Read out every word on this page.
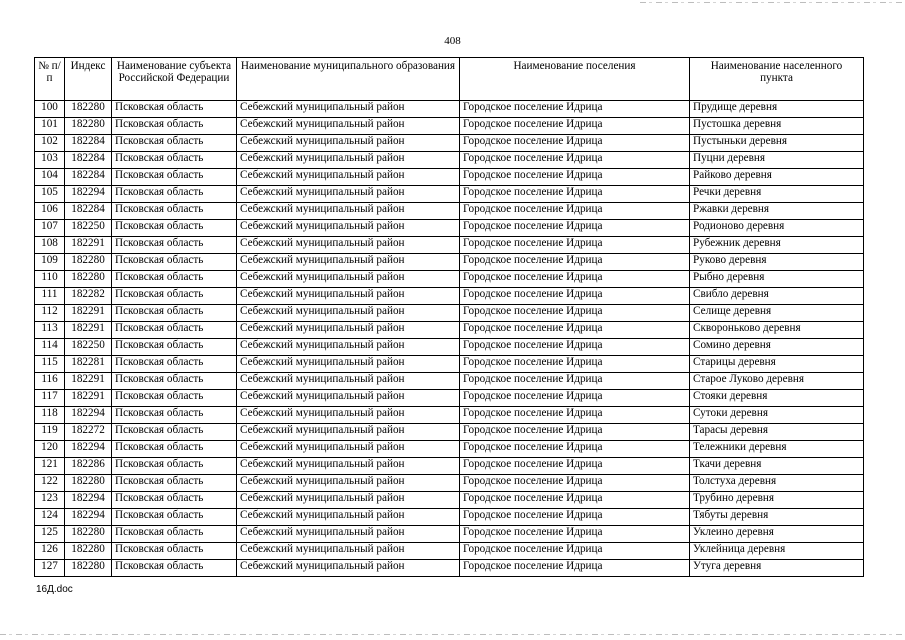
408
№ п/п	Индекс	Наименование субъекта Российской Федерации	Наименование муниципального образования	Наименование поселения	Наименование населенного пункта
100	182280	Псковская область	Себежский муниципальный район	Городское поселение Идрица	Прудище деревня
101	182280	Псковская область	Себежский муниципальный район	Городское поселение Идрица	Пустошка деревня
102	182284	Псковская область	Себежский муниципальный район	Городское поселение Идрица	Пустыньки деревня
103	182284	Псковская область	Себежский муниципальный район	Городское поселение Идрица	Пуцни деревня
104	182284	Псковская область	Себежский муниципальный район	Городское поселение Идрица	Райково деревня
105	182294	Псковская область	Себежский муниципальный район	Городское поселение Идрица	Речки деревня
106	182284	Псковская область	Себежский муниципальный район	Городское поселение Идрица	Ржавки деревня
107	182250	Псковская область	Себежский муниципальный район	Городское поселение Идрица	Родионово деревня
108	182291	Псковская область	Себежский муниципальный район	Городское поселение Идрица	Рубежник деревня
109	182280	Псковская область	Себежский муниципальный район	Городское поселение Идрица	Руково деревня
110	182280	Псковская область	Себежский муниципальный район	Городское поселение Идрица	Рыбно деревня
111	182282	Псковская область	Себежский муниципальный район	Городское поселение Идрица	Свибло деревня
112	182291	Псковская область	Себежский муниципальный район	Городское поселение Идрица	Селище деревня
113	182291	Псковская область	Себежский муниципальный район	Городское поселение Идрица	Сквороньково деревня
114	182250	Псковская область	Себежский муниципальный район	Городское поселение Идрица	Сомино деревня
115	182281	Псковская область	Себежский муниципальный район	Городское поселение Идрица	Старицы деревня
116	182291	Псковская область	Себежский муниципальный район	Городское поселение Идрица	Старое Луково деревня
117	182291	Псковская область	Себежский муниципальный район	Городское поселение Идрица	Стояки деревня
118	182294	Псковская область	Себежский муниципальный район	Городское поселение Идрица	Сутоки деревня
119	182272	Псковская область	Себежский муниципальный район	Городское поселение Идрица	Тарасы деревня
120	182294	Псковская область	Себежский муниципальный район	Городское поселение Идрица	Тележники деревня
121	182286	Псковская область	Себежский муниципальный район	Городское поселение Идрица	Ткачи деревня
122	182280	Псковская область	Себежский муниципальный район	Городское поселение Идрица	Толстуха деревня
123	182294	Псковская область	Себежский муниципальный район	Городское поселение Идрица	Трубино деревня
124	182294	Псковская область	Себежский муниципальный район	Городское поселение Идрица	Тябуты деревня
125	182280	Псковская область	Себежский муниципальный район	Городское поселение Идрица	Уклеино деревня
126	182280	Псковская область	Себежский муниципальный район	Городское поселение Идрица	Уклейница деревня
127	182280	Псковская область	Себежский муниципальный район	Городское поселение Идрица	Утуга деревня
16Д.doc
